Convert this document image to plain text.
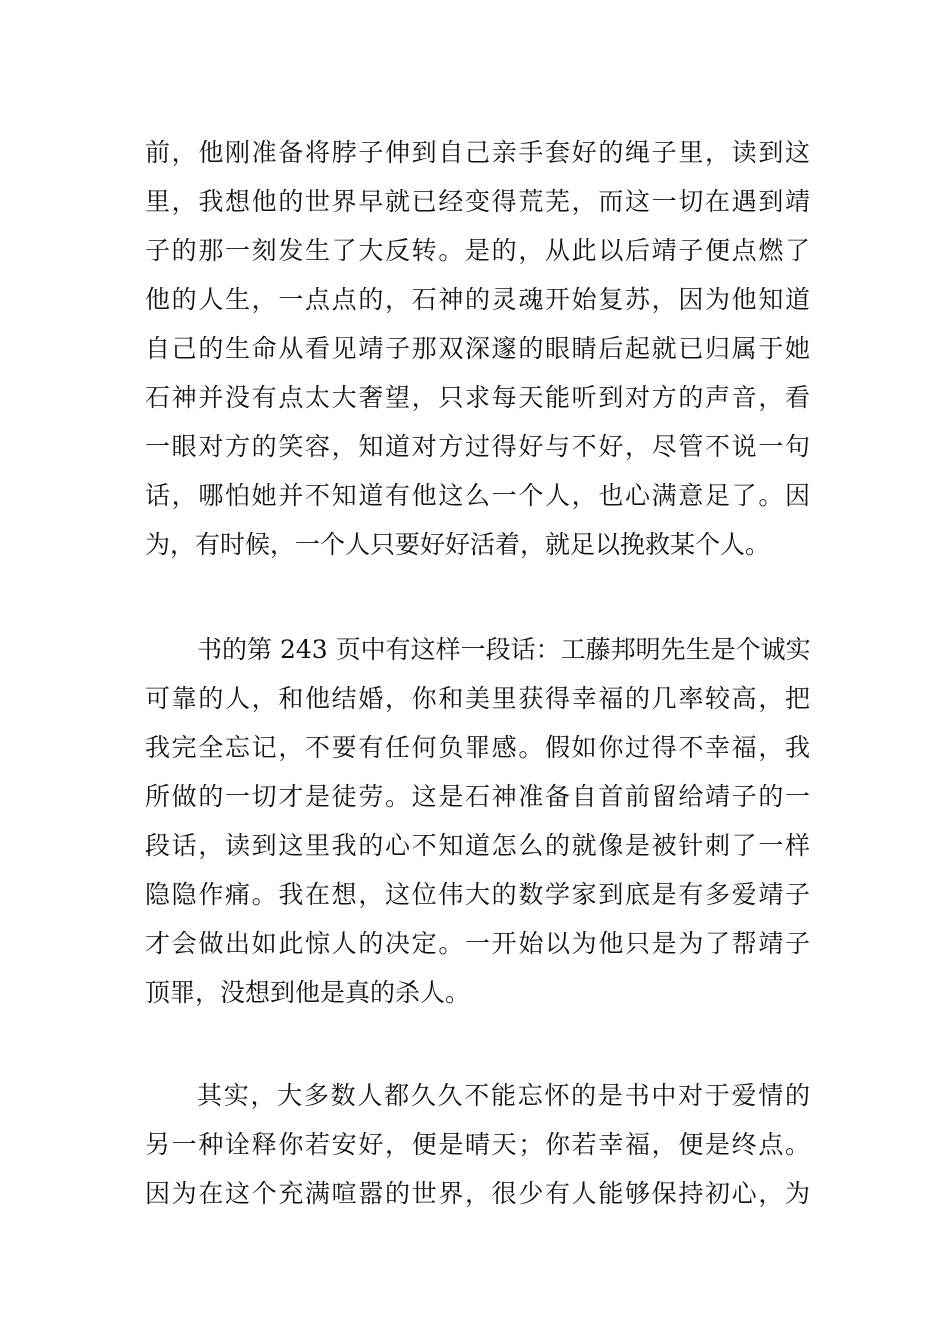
前，他刚准备将脖子伸到自己亲手套好的绳子里，读到这
里，我想他的世界早就已经变得荒芜，而这一切在遇到靖
子的那一刻发生了大反转。是的，从此以后靖子便点燃了
他的人生，一点点的，石神的灵魂开始复苏，因为他知道
自己的生命从看见靖子那双深邃的眼睛后起就已归属于她
石神并没有点太大奢望，只求每天能听到对方的声音，看
一眼对方的笑容，知道对方过得好与不好，尽管不说一句
话，哪怕她并不知道有他这么一个人，也心满意足了。因
为，有时候，一个人只要好好活着，就足以挽救某个人。
书的第 243 页中有这样一段话：工藤邦明先生是个诚实
可靠的人，和他结婚，你和美里获得幸福的几率较高，把
我完全忘记，不要有任何负罪感。假如你过得不幸福，我
所做的一切才是徒劳。这是石神准备自首前留给靖子的一
段话，读到这里我的心不知道怎么的就像是被针刺了一样
隐隐作痛。我在想，这位伟大的数学家到底是有多爱靖子
才会做出如此惊人的决定。一开始以为他只是为了帮靖子
顶罪，没想到他是真的杀人。
其实，大多数人都久久不能忘怀的是书中对于爱情的
另一种诠释你若安好，便是晴天；你若幸福，便是终点。
因为在这个充满喧嚣的世界，很少有人能够保持初心，为
